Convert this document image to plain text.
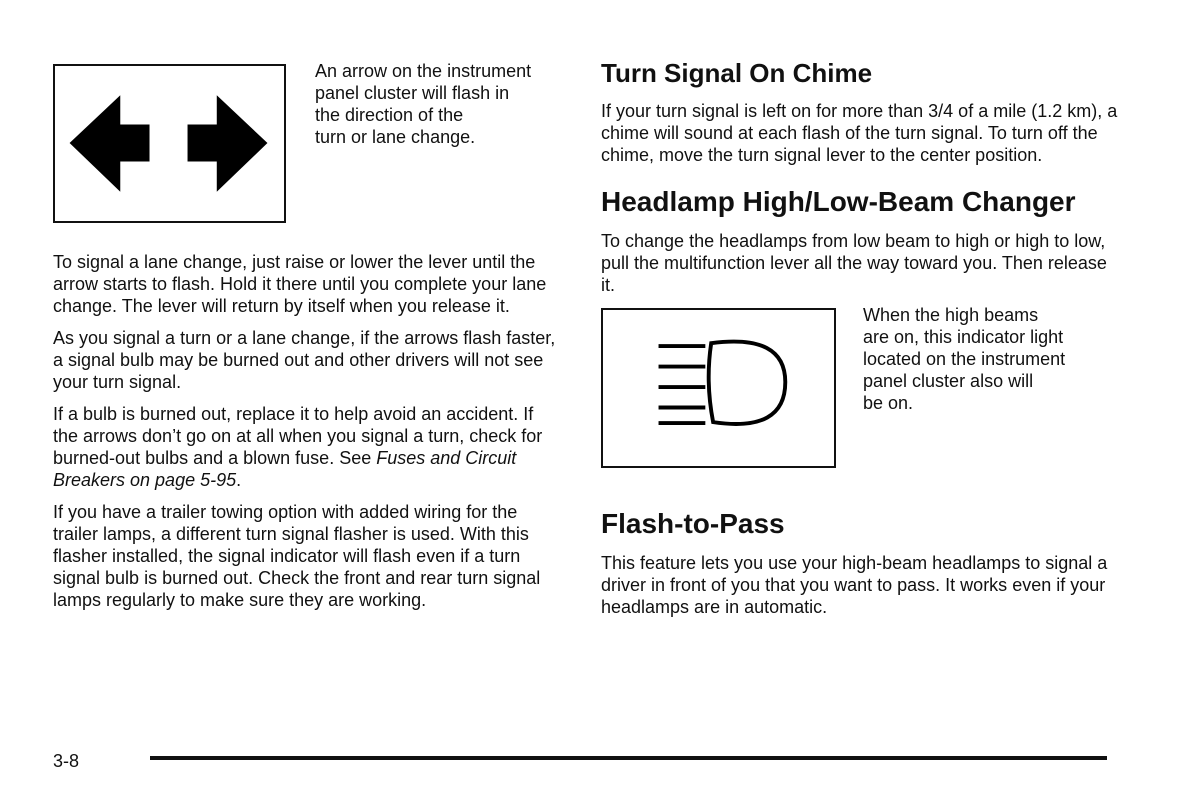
An arrow on the instrument
panel cluster will flash in
the direction of the
turn or lane change.

To signal a lane change, just raise or lower the lever until the arrow starts to flash. Hold it there until you complete your lane change. The lever will return by itself when you release it.

As you signal a turn or a lane change, if the arrows flash faster, a signal bulb may be burned out and other drivers will not see your turn signal.

If a bulb is burned out, replace it to help avoid an accident. If the arrows don’t go on at all when you signal a turn, check for burned-out bulbs and a blown fuse. See Fuses and Circuit Breakers on page 5-95.

If you have a trailer towing option with added wiring for the trailer lamps, a different turn signal flasher is used. With this flasher installed, the signal indicator will flash even if a turn signal bulb is burned out. Check the front and rear turn signal lamps regularly to make sure they are working.

Turn Signal On Chime

If your turn signal is left on for more than 3/4 of a mile (1.2 km), a chime will sound at each flash of the turn signal. To turn off the chime, move the turn signal lever to the center position.

Headlamp High/Low-Beam Changer

To change the headlamps from low beam to high or high to low, pull the multifunction lever all the way toward you. Then release it.

When the high beams
are on, this indicator light
located on the instrument
panel cluster also will
be on.
Flash-to-Pass

This feature lets you use your high-beam headlamps to signal a driver in front of you that you want to pass. It works even if your headlamps are in automatic.

3-8
